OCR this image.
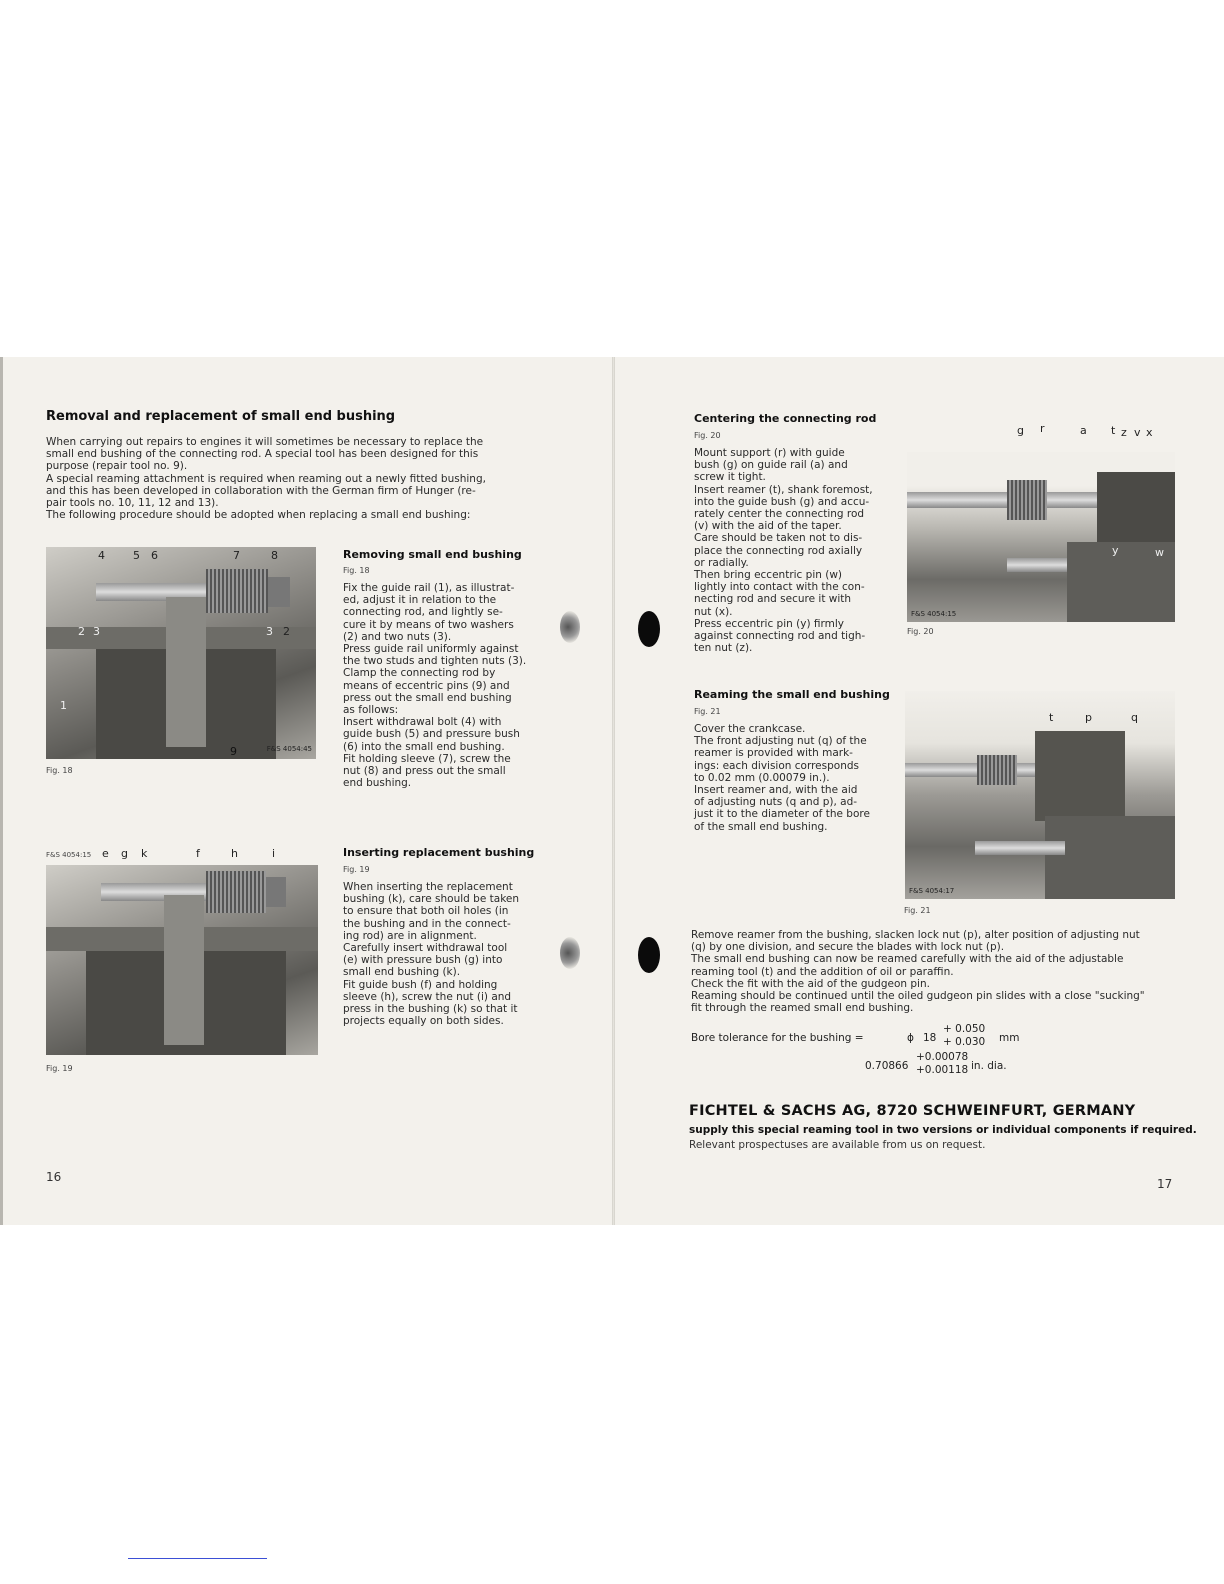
Removal and replacement of small end bushing

When carrying out repairs to engines it will sometimes be necessary to replace the

small end bushing of the connecting rod. A special tool has been designed for this

purpose (repair tool no. 9).

A special reaming attachment is required when reaming out a newly fitted bushing,

and this has been developed in collaboration with the German firm of Hunger (re-

pair tools no. 10, 11, 12 and 13).

The following procedure should be adopted when replacing a small end bushing:

F&S 4054:45
4	5 6	7	8
2 3	3 2
1
9
Fig. 18
Removing small end bushing
Fig. 18

Fix the guide rail (1), as illustrat-

ed, adjust it in relation to the

connecting rod, and lightly se-

cure it by means of two washers

(2) and two nuts (3).

Press guide rail uniformly against

the two studs and tighten nuts (3).

Clamp the connecting rod by

means of eccentric pins (9) and

press out the small end bushing

as follows:

Insert withdrawal bolt (4) with

guide bush (5) and pressure bush

(6) into the small end bushing.

Fit holding sleeve (7), screw the

nut (8) and press out the small

end bushing.

F&S 4054:15 e g k	f	h	i
Fig. 19
Inserting replacement bushing
Fig. 19

When inserting the replacement

bushing (k), care should be taken

to ensure that both oil holes (in

the bushing and in the connect-

ing rod) are in alignment.

Carefully insert withdrawal tool

(e) with pressure bush (g) into

small end bushing (k).

Fit guide bush (f) and holding

sleeve (h), screw the nut (i) and

press in the bushing (k) so that it

projects equally on both sides.

16
Centering the connecting rod
Fig. 20

Mount support (r) with guide

bush (g) on guide rail (a) and

screw it tight.

Insert reamer (t), shank foremost,

into the guide bush (g) and accu-

rately center the connecting rod

(v) with the aid of the taper.

Care should be taken not to dis-

place the connecting rod axially

or radially.

Then bring eccentric pin (w)

lightly into contact with the con-

necting rod and secure it with

nut (x).

Press eccentric pin (y) firmly

against connecting rod and tigh-

ten nut (z).

F&S 4054:15
g r	a t z v x
y	w
Fig. 20
Reaming the small end bushing
Fig. 21

Cover the crankcase.

The front adjusting nut (q) of the

reamer is provided with mark-

ings: each division corresponds

to 0.02 mm (0.00079 in.).

Insert reamer and, with the aid

of adjusting nuts (q and p), ad-

just it to the diameter of the bore

of the small end bushing.

F&S 4054:17
t	p	q
Fig. 21

Remove reamer from the bushing, slacken lock nut (p), alter position of adjusting nut

(q) by one division, and secure the blades with lock nut (p).

The small end bushing can now be reamed carefully with the aid of the adjustable

reaming tool (t) and the addition of oil or paraffin.

Check the fit with the aid of the gudgeon pin.

Reaming should be continued until the oiled gudgeon pin slides with a close "sucking"

fit through the reamed small end bushing.

Bore tolerance for the bushing =	ɸ 18
+ 0.050
+ 0.030 mm
0.70866
+0.00078
+0.00118 in. dia.
FICHTEL & SACHS AG, 8720 SCHWEINFURT, GERMANY
supply this special reaming tool in two versions or individual components if required.
Relevant prospectuses are available from us on request.
17
